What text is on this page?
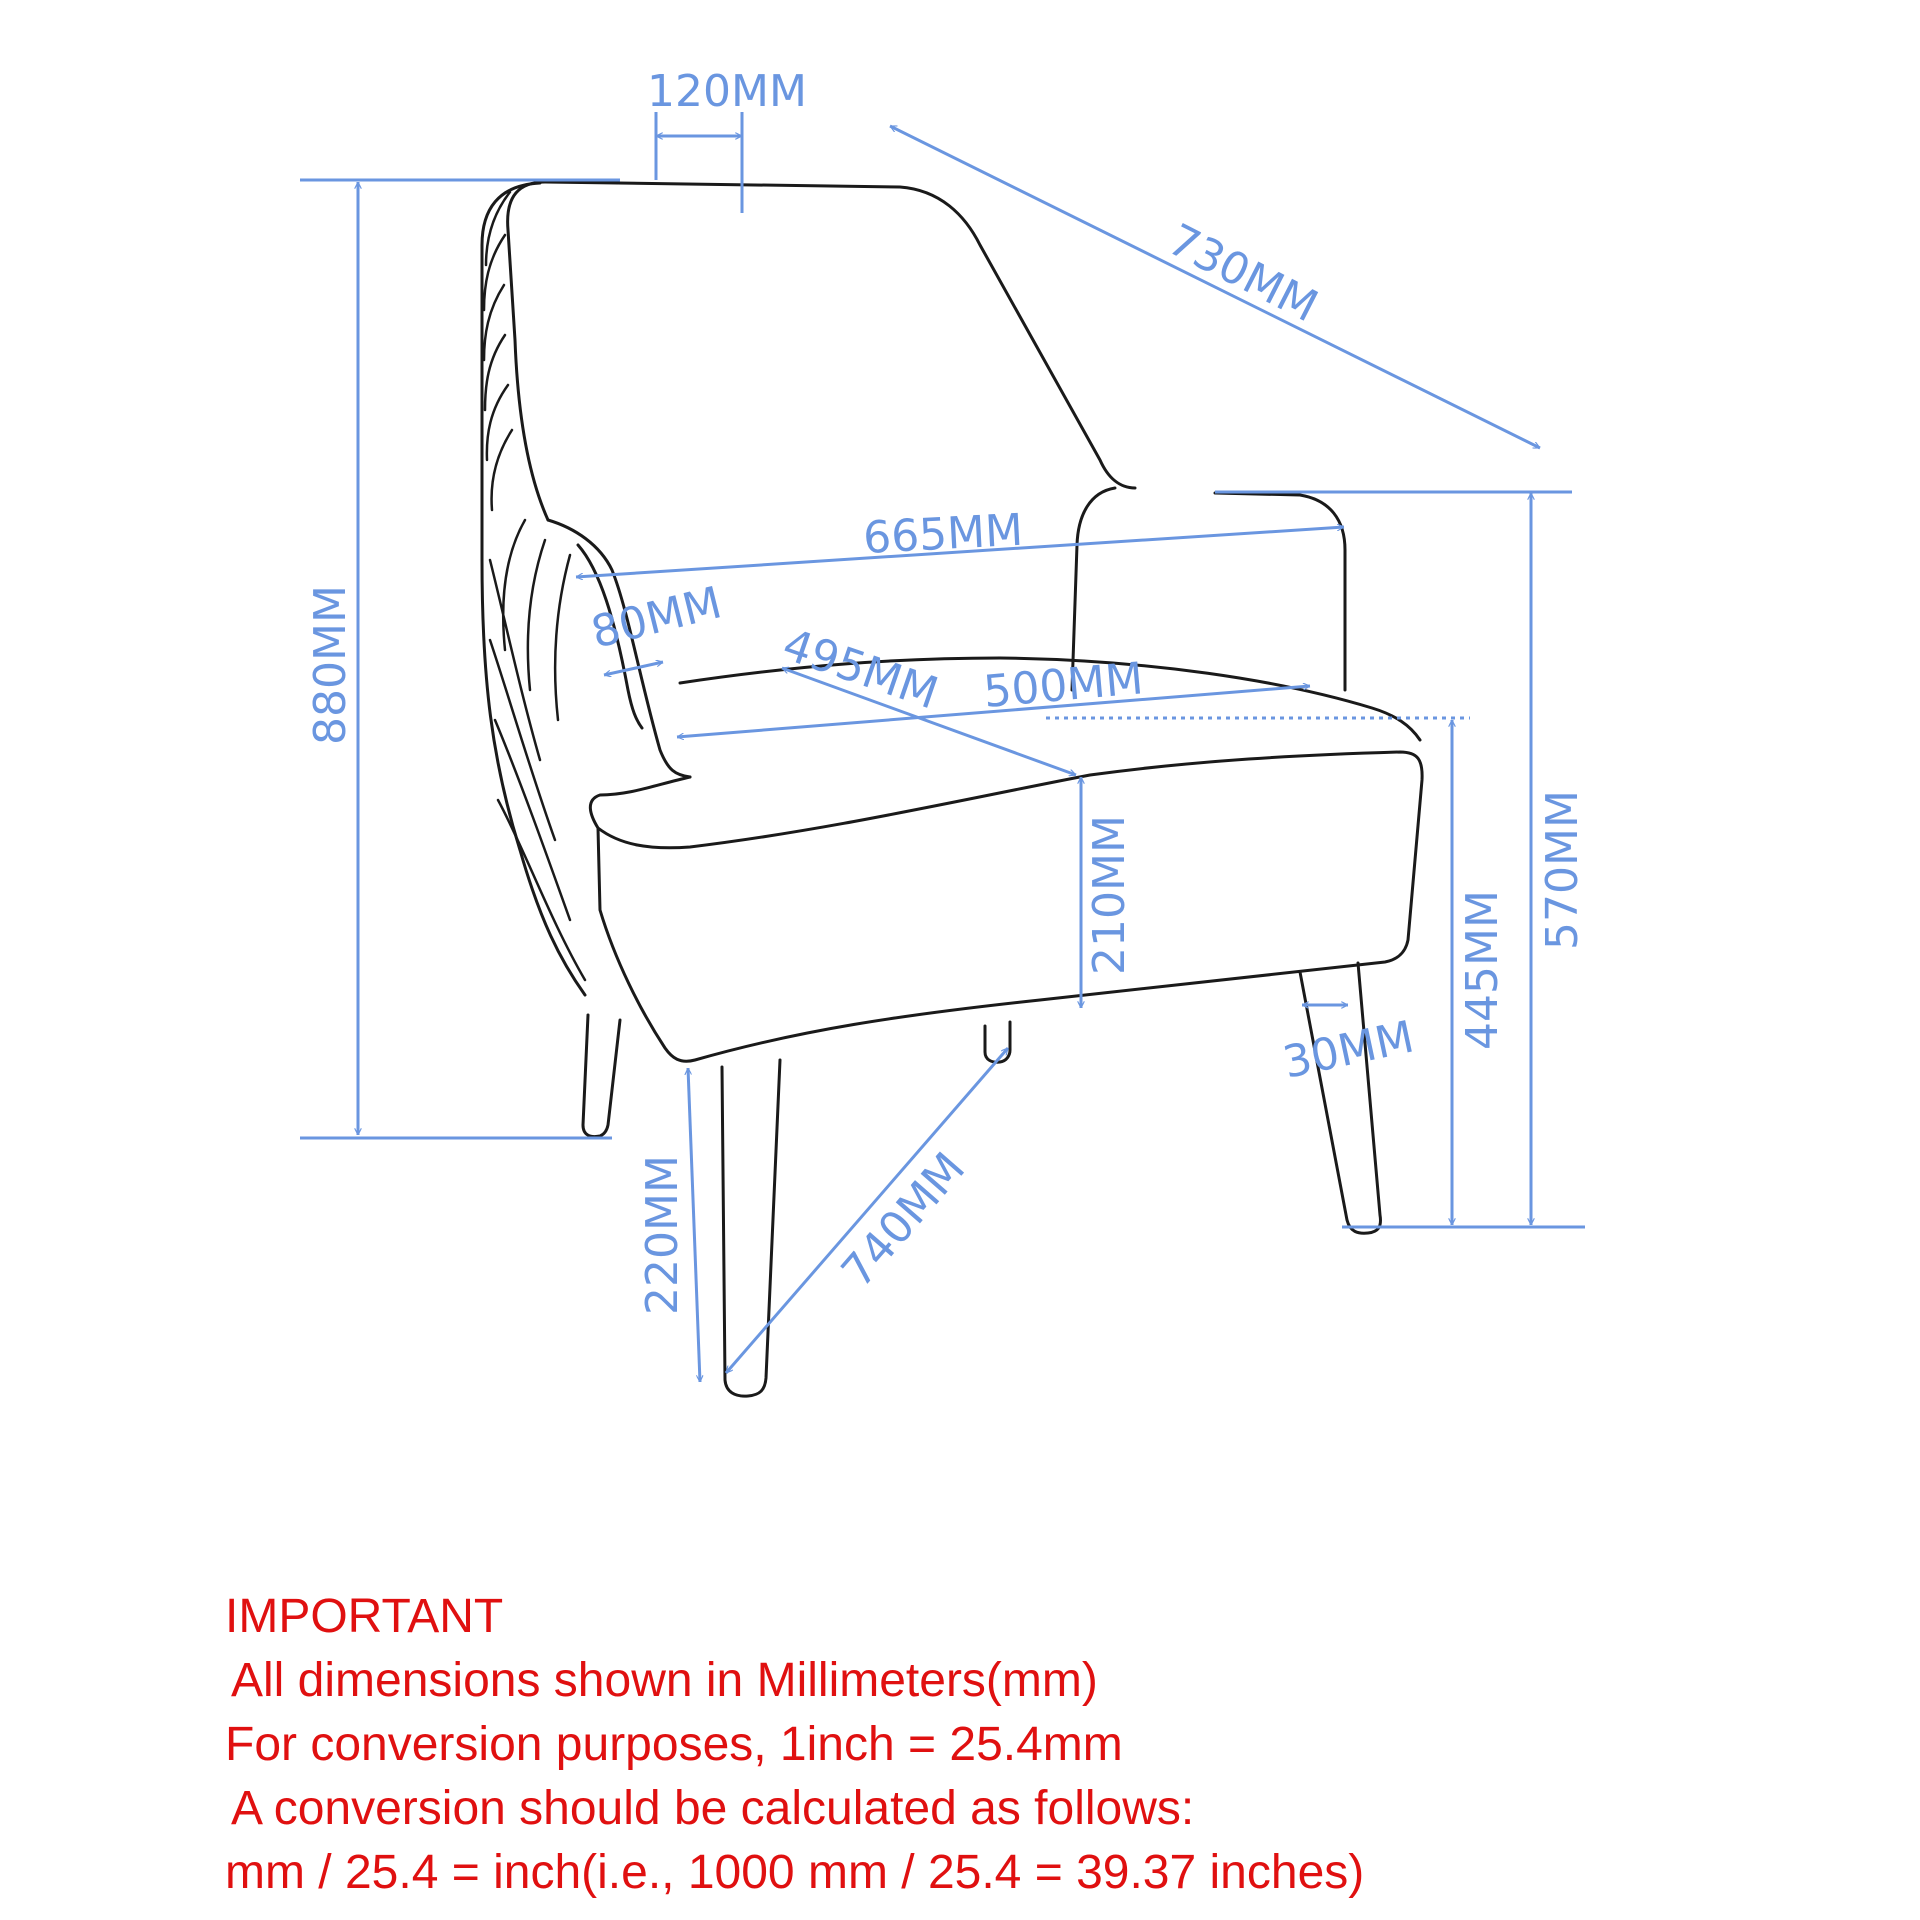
120MM
730MM
665MM
880MM	80MM
495MM 500MM
210MM
30MM
445MM
570MM
220MM	740MM
IMPORTANT
All dimensions shown in Millimeters(mm)
For conversion purposes, 1inch = 25.4mm
A conversion should be calculated as follows:
mm / 25.4 = inch(i.e., 1000 mm / 25.4 = 39.37 inches)
